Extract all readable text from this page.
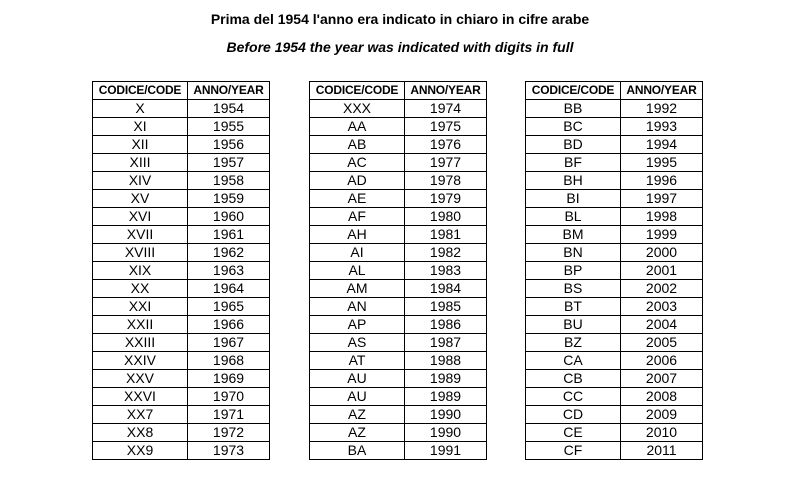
Prima del 1954 l'anno era indicato in chiaro in cifre arabe
Before 1954 the year was indicated with digits in full
CODICE/CODE	ANNO/YEAR
X	1954
XI	1955
XII	1956
XIII	1957
XIV	1958
XV	1959
XVI	1960
XVII	1961
XVIII	1962
XIX	1963
XX	1964
XXI	1965
XXII	1966
XXIII	1967
XXIV	1968
XXV	1969
XXVI	1970
XX7	1971
XX8	1972
XX9	1973
CODICE/CODE	ANNO/YEAR
XXX	1974
AA	1975
AB	1976
AC	1977
AD	1978
AE	1979
AF	1980
AH	1981
AI	1982
AL	1983
AM	1984
AN	1985
AP	1986
AS	1987
AT	1988
AU	1989
AU	1989
AZ	1990
AZ	1990
BA	1991
CODICE/CODE	ANNO/YEAR
BB	1992
BC	1993
BD	1994
BF	1995
BH	1996
BI	1997
BL	1998
BM	1999
BN	2000
BP	2001
BS	2002
BT	2003
BU	2004
BZ	2005
CA	2006
CB	2007
CC	2008
CD	2009
CE	2010
CF	2011
